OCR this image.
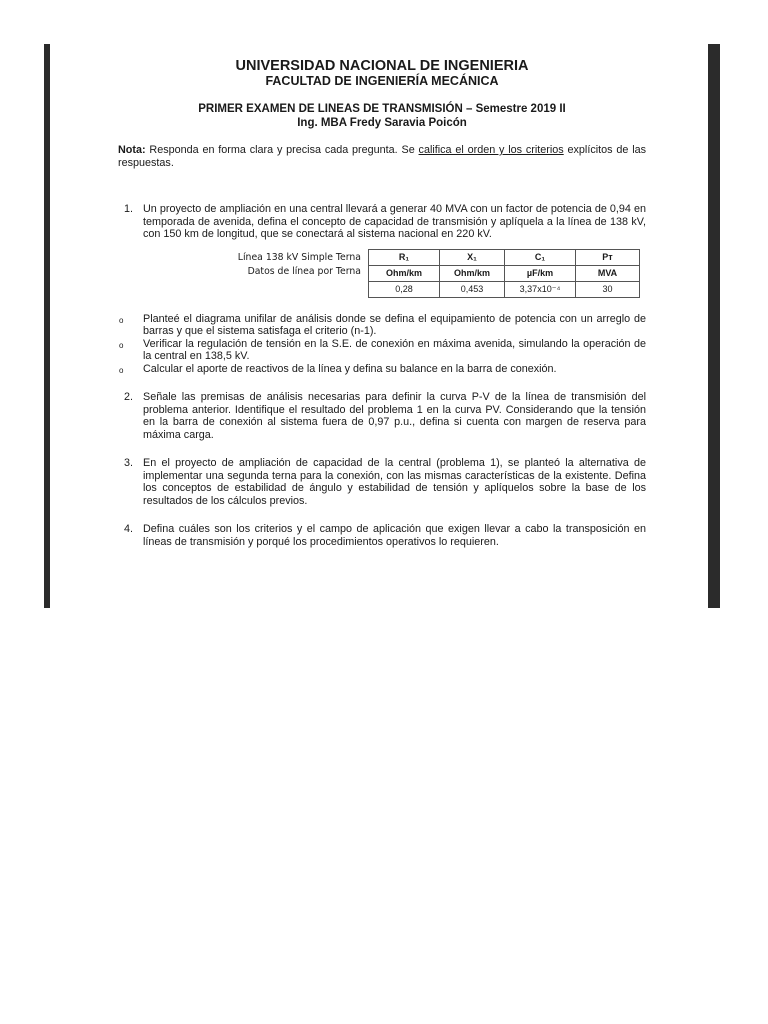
UNIVERSIDAD NACIONAL DE INGENIERIA
FACULTAD DE INGENIERÍA MECÁNICA
PRIMER EXAMEN DE LINEAS DE TRANSMISIÓN – Semestre 2019 II
Ing. MBA Fredy Saravia Poicón
Nota: Responda en forma clara y precisa cada pregunta. Se califica el orden y los criterios explícitos de las respuestas.
1. Un proyecto de ampliación en una central llevará a generar 40 MVA con un factor de potencia de 0,94 en temporada de avenida, defina el concepto de capacidad de transmisión y aplíquela a la línea de 138 kV, con 150 km de longitud, que se conectará al sistema nacional en 220 kV.
Línea 138 kV Simple Terna
Datos de línea por Terna
R₁	X₁	C₁	Pᴛ
Ohm/km	Ohm/km	µF/km	MVA
0,28	0,453	3,37x10⁻⁴	30
o Planteé el diagrama unifilar de análisis donde se defina el equipamiento de potencia con un arreglo de barras y que el sistema satisfaga el criterio (n-1).
o Verificar la regulación de tensión en la S.E. de conexión en máxima avenida, simulando la operación de la central en 138,5 kV.
o Calcular el aporte de reactivos de la línea y defina su balance en la barra de conexión.
2. Señale las premisas de análisis necesarias para definir la curva P-V de la línea de transmisión del problema anterior. Identifique el resultado del problema 1 en la curva PV. Considerando que la tensión en la barra de conexión al sistema fuera de 0,97 p.u., defina si cuenta con margen de reserva para máxima carga.
3. En el proyecto de ampliación de capacidad de la central (problema 1), se planteó la alternativa de implementar una segunda terna para la conexión, con las mismas características de la existente. Defina los conceptos de estabilidad de ángulo y estabilidad de tensión y aplíquelos sobre la base de los resultados de los cálculos previos.
4. Defina cuáles son los criterios y el campo de aplicación que exigen llevar a cabo la transposición en líneas de transmisión y porqué los procedimientos operativos lo requieren.
